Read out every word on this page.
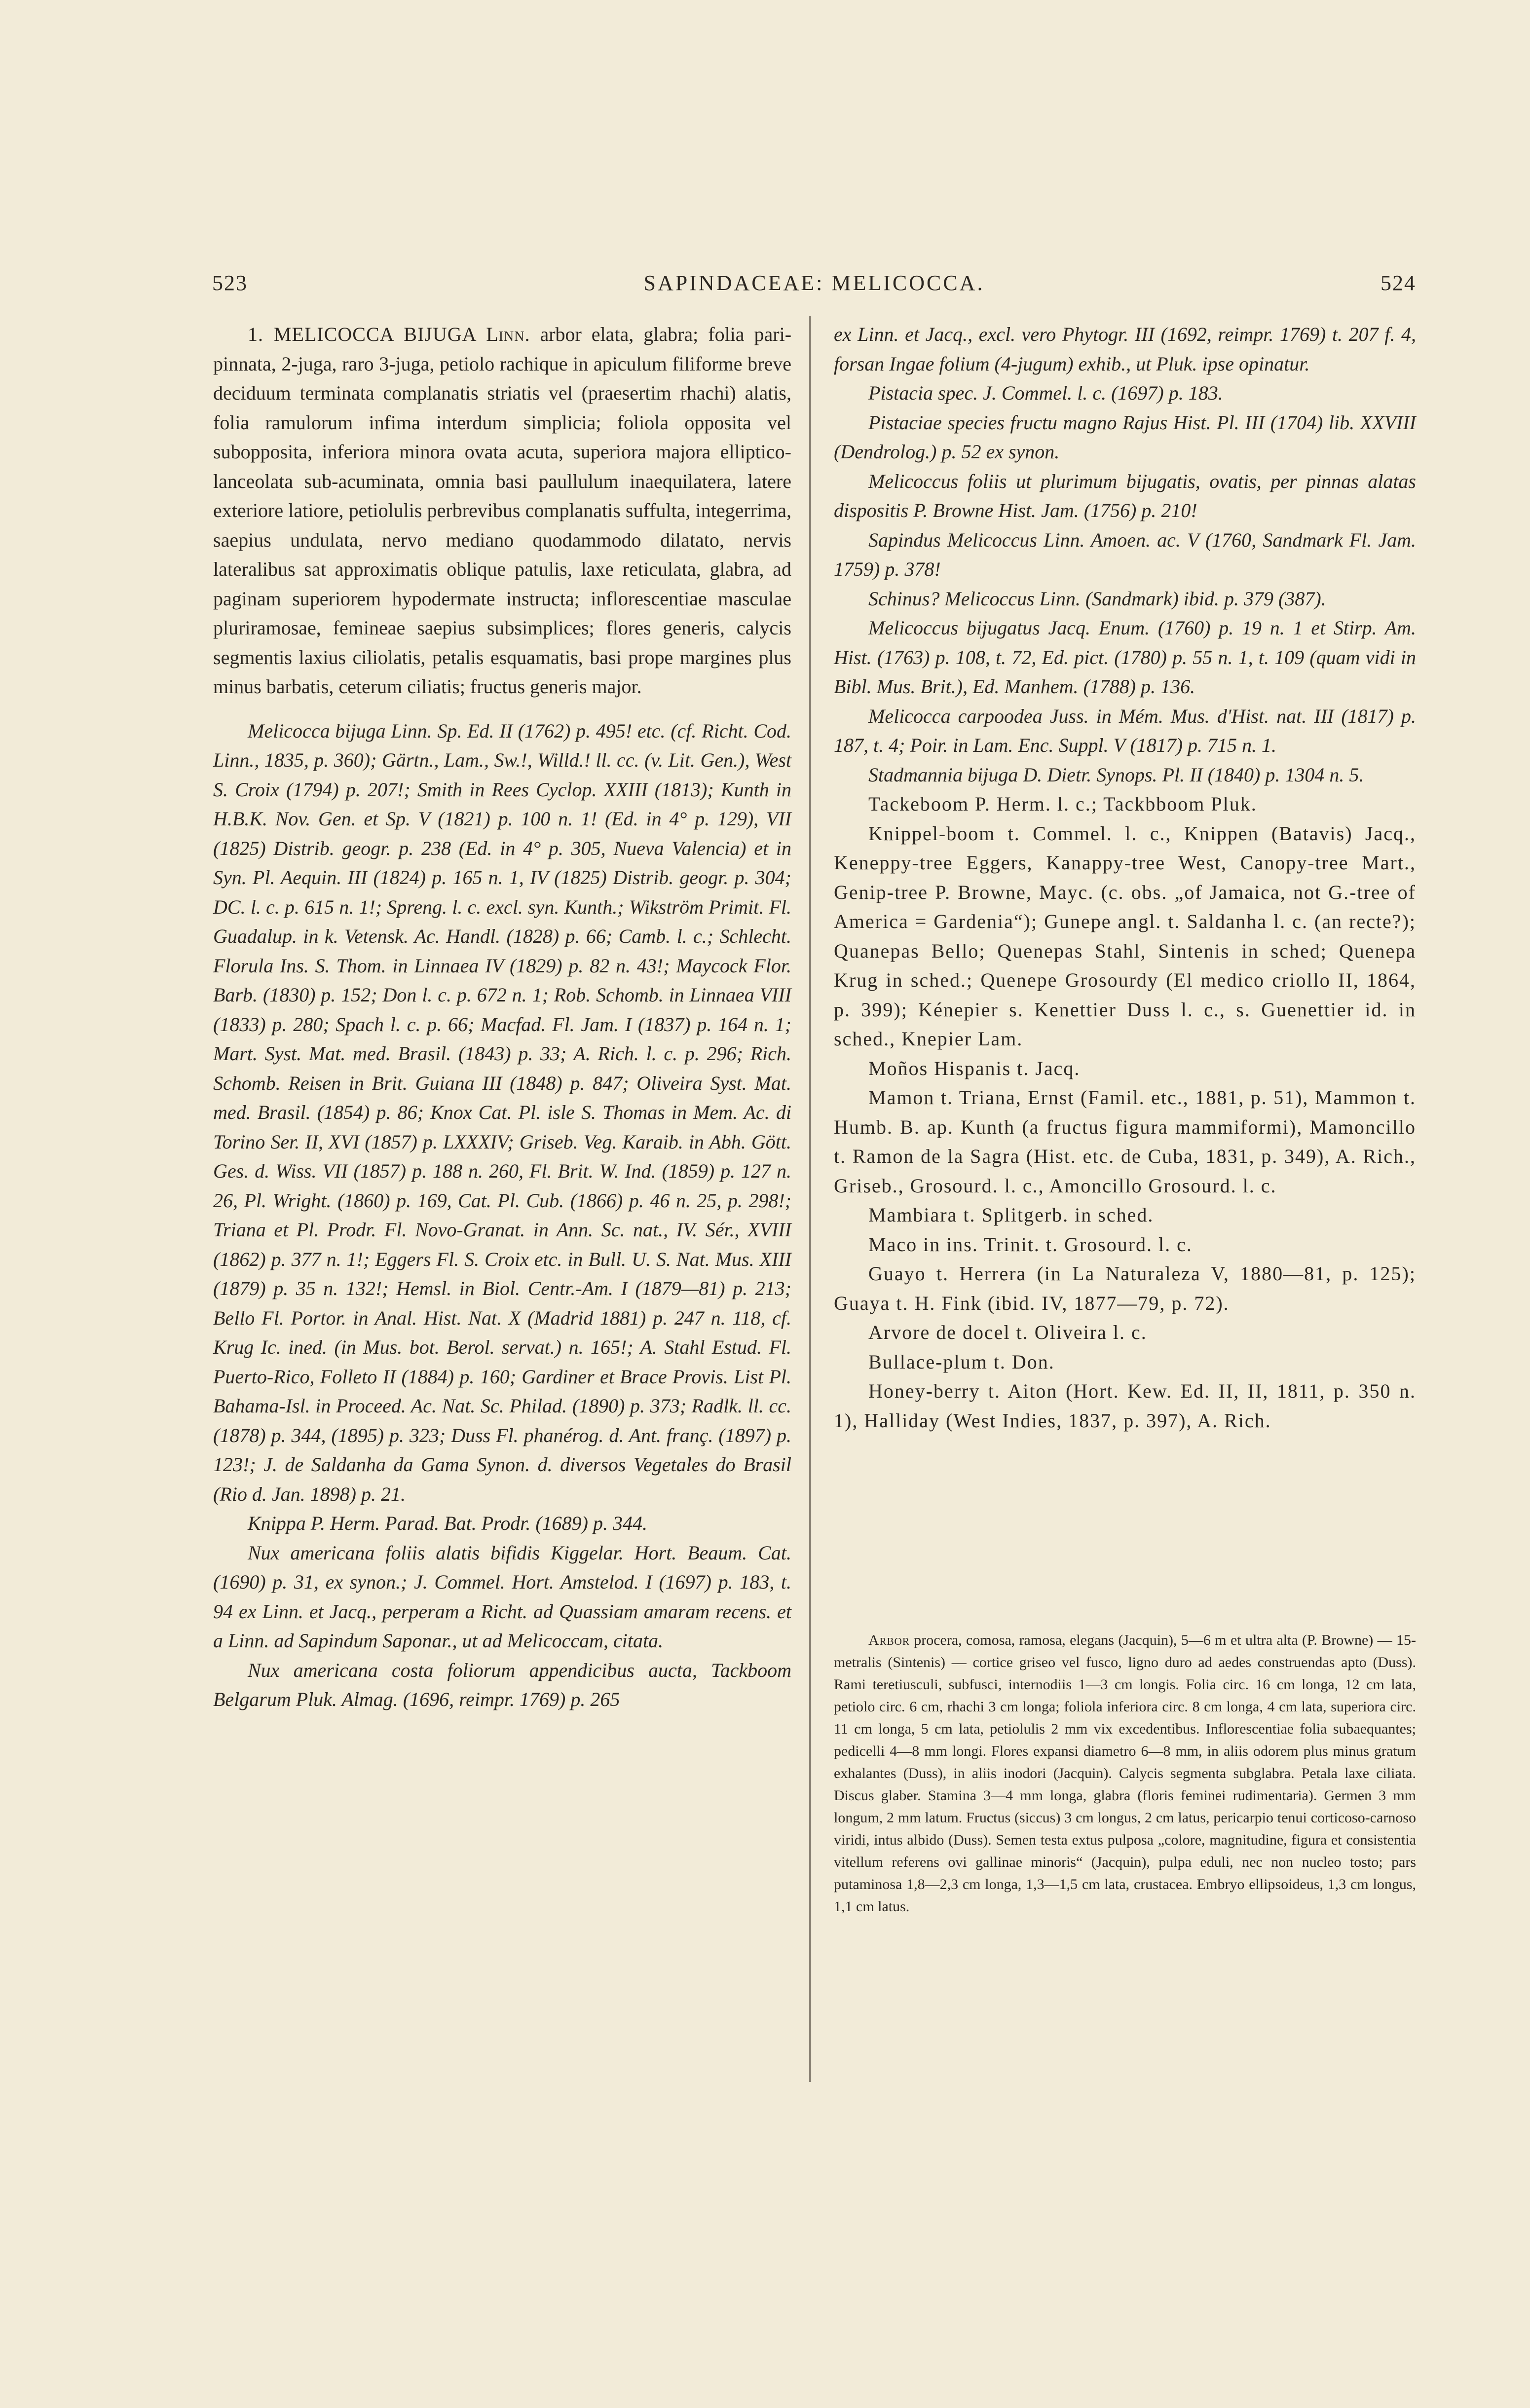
523	SAPINDACEAE: MELICOCCA.	524

1. MELICOCCA BIJUGA Linn. arbor elata, glabra; folia pari-pinnata, 2-juga, raro 3-juga, petiolo rachique in apiculum filiforme breve deciduum terminata complanatis striatis vel (praesertim rhachi) alatis, folia ramulorum infima interdum simplicia; foliola opposita vel subopposita, inferiora minora ovata acuta, superiora majora elliptico-lanceolata sub-acuminata, omnia basi paullulum inaequilatera, latere exteriore latiore, petiolulis perbrevibus complanatis suffulta, integerrima, saepius undulata, nervo mediano quodammodo dilatato, nervis lateralibus sat approximatis oblique patulis, laxe reticulata, glabra, ad paginam superiorem hypodermate instructa; inflorescentiae masculae pluriramosae, femineae saepius subsimplices; flores generis, calycis segmentis laxius ciliolatis, petalis esquamatis, basi prope margines plus minus barbatis, ceterum ciliatis; fructus generis major.

Melicocca bijuga Linn. Sp. Ed. II (1762) p. 495! etc. (cf. Richt. Cod. Linn., 1835, p. 360); Gärtn., Lam., Sw.!, Willd.! ll. cc. (v. Lit. Gen.), West S. Croix (1794) p. 207!; Smith in Rees Cyclop. XXIII (1813); Kunth in H.B.K. Nov. Gen. et Sp. V (1821) p. 100 n. 1! (Ed. in 4° p. 129), VII (1825) Distrib. geogr. p. 238 (Ed. in 4° p. 305, Nueva Valencia) et in Syn. Pl. Aequin. III (1824) p. 165 n. 1, IV (1825) Distrib. geogr. p. 304; DC. l. c. p. 615 n. 1!; Spreng. l. c. excl. syn. Kunth.; Wikström Primit. Fl. Guadalup. in k. Vetensk. Ac. Handl. (1828) p. 66; Camb. l. c.; Schlecht. Florula Ins. S. Thom. in Linnaea IV (1829) p. 82 n. 43!; Maycock Flor. Barb. (1830) p. 152; Don l. c. p. 672 n. 1; Rob. Schomb. in Linnaea VIII (1833) p. 280; Spach l. c. p. 66; Macfad. Fl. Jam. I (1837) p. 164 n. 1; Mart. Syst. Mat. med. Brasil. (1843) p. 33; A. Rich. l. c. p. 296; Rich. Schomb. Reisen in Brit. Guiana III (1848) p. 847; Oliveira Syst. Mat. med. Brasil. (1854) p. 86; Knox Cat. Pl. isle S. Thomas in Mem. Ac. di Torino Ser. II, XVI (1857) p. LXXXIV; Griseb. Veg. Karaib. in Abh. Gött. Ges. d. Wiss. VII (1857) p. 188 n. 260, Fl. Brit. W. Ind. (1859) p. 127 n. 26, Pl. Wright. (1860) p. 169, Cat. Pl. Cub. (1866) p. 46 n. 25, p. 298!; Triana et Pl. Prodr. Fl. Novo-Granat. in Ann. Sc. nat., IV. Sér., XVIII (1862) p. 377 n. 1!; Eggers Fl. S. Croix etc. in Bull. U. S. Nat. Mus. XIII (1879) p. 35 n. 132!; Hemsl. in Biol. Centr.-Am. I (1879—81) p. 213; Bello Fl. Portor. in Anal. Hist. Nat. X (Madrid 1881) p. 247 n. 118, cf. Krug Ic. ined. (in Mus. bot. Berol. servat.) n. 165!; A. Stahl Estud. Fl. Puerto-Rico, Folleto II (1884) p. 160; Gardiner et Brace Provis. List Pl. Bahama-Isl. in Proceed. Ac. Nat. Sc. Philad. (1890) p. 373; Radlk. ll. cc. (1878) p. 344, (1895) p. 323; Duss Fl. phanérog. d. Ant. franç. (1897) p. 123!; J. de Saldanha da Gama Synon. d. diversos Vegetales do Brasil (Rio d. Jan. 1898) p. 21.

Knippa P. Herm. Parad. Bat. Prodr. (1689) p. 344.

Nux americana foliis alatis bifidis Kiggelar. Hort. Beaum. Cat. (1690) p. 31, ex synon.; J. Commel. Hort. Amstelod. I (1697) p. 183, t. 94 ex Linn. et Jacq., perperam a Richt. ad Quassiam amaram recens. et a Linn. ad Sapindum Saponar., ut ad Melicoccam, citata.

Nux americana costa foliorum appendicibus aucta, Tackboom Belgarum Pluk. Almag. (1696, reimpr. 1769) p. 265

ex Linn. et Jacq., excl. vero Phytogr. III (1692, reimpr. 1769) t. 207 f. 4, forsan Ingae folium (4-jugum) exhib., ut Pluk. ipse opinatur.

Pistacia spec. J. Commel. l. c. (1697) p. 183.

Pistaciae species fructu magno Rajus Hist. Pl. III (1704) lib. XXVIII (Dendrolog.) p. 52 ex synon.

Melicoccus foliis ut plurimum bijugatis, ovatis, per pinnas alatas dispositis P. Browne Hist. Jam. (1756) p. 210!

Sapindus Melicoccus Linn. Amoen. ac. V (1760, Sandmark Fl. Jam. 1759) p. 378!

Schinus? Melicoccus Linn. (Sandmark) ibid. p. 379 (387).

Melicoccus bijugatus Jacq. Enum. (1760) p. 19 n. 1 et Stirp. Am. Hist. (1763) p. 108, t. 72, Ed. pict. (1780) p. 55 n. 1, t. 109 (quam vidi in Bibl. Mus. Brit.), Ed. Manhem. (1788) p. 136.

Melicocca carpoodea Juss. in Mém. Mus. d'Hist. nat. III (1817) p. 187, t. 4; Poir. in Lam. Enc. Suppl. V (1817) p. 715 n. 1.

Stadmannia bijuga D. Dietr. Synops. Pl. II (1840) p. 1304 n. 5.

Tackeboom P. Herm. l. c.; Tackbboom Pluk.

Knippel-boom t. Commel. l. c., Knippen (Batavis) Jacq., Keneppy-tree Eggers, Kanappy-tree West, Canopy-tree Mart., Genip-tree P. Browne, Mayc. (c. obs. „of Jamaica, not G.-tree of America = Gardenia“); Gunepe angl. t. Saldanha l. c. (an recte?); Quanepas Bello; Quenepas Stahl, Sintenis in sched; Quenepa Krug in sched.; Quenepe Grosourdy (El medico criollo II, 1864, p. 399); Kénepier s. Kenettier Duss l. c., s. Guenettier id. in sched., Knepier Lam.

Moños Hispanis t. Jacq.

Mamon t. Triana, Ernst (Famil. etc., 1881, p. 51), Mammon t. Humb. B. ap. Kunth (a fructus figura mammiformi), Mamoncillo t. Ramon de la Sagra (Hist. etc. de Cuba, 1831, p. 349), A. Rich., Griseb., Grosourd. l. c., Amoncillo Grosourd. l. c.

Mambiara t. Splitgerb. in sched.

Maco in ins. Trinit. t. Grosourd. l. c.

Guayo t. Herrera (in La Naturaleza V, 1880—81, p. 125); Guaya t. H. Fink (ibid. IV, 1877—79, p. 72).

Arvore de docel t. Oliveira l. c.

Bullace-plum t. Don.

Honey-berry t. Aiton (Hort. Kew. Ed. II, II, 1811, p. 350 n. 1), Halliday (West Indies, 1837, p. 397), A. Rich.

Arbor procera, comosa, ramosa, elegans (Jacquin), 5—6 m et ultra alta (P. Browne) — 15-metralis (Sintenis) — cortice griseo vel fusco, ligno duro ad aedes construendas apto (Duss). Rami teretiusculi, subfusci, internodiis 1—3 cm longis. Folia circ. 16 cm longa, 12 cm lata, petiolo circ. 6 cm, rhachi 3 cm longa; foliola inferiora circ. 8 cm longa, 4 cm lata, superiora circ. 11 cm longa, 5 cm lata, petiolulis 2 mm vix excedentibus. Inflorescentiae folia subaequantes; pedicelli 4—8 mm longi. Flores expansi diametro 6—8 mm, in aliis odorem plus minus gratum exhalantes (Duss), in aliis inodori (Jacquin). Calycis segmenta subglabra. Petala laxe ciliata. Discus glaber. Stamina 3—4 mm longa, glabra (floris feminei rudimentaria). Germen 3 mm longum, 2 mm latum. Fructus (siccus) 3 cm longus, 2 cm latus, pericarpio tenui corticoso-carnoso viridi, intus albido (Duss). Semen testa extus pulposa „colore, magnitudine, figura et consistentia vitellum referens ovi gallinae minoris“ (Jacquin), pulpa eduli, nec non nucleo tosto; pars putaminosa 1,8—2,3 cm longa, 1,3—1,5 cm lata, crustacea. Embryo ellipsoideus, 1,3 cm longus, 1,1 cm latus.
